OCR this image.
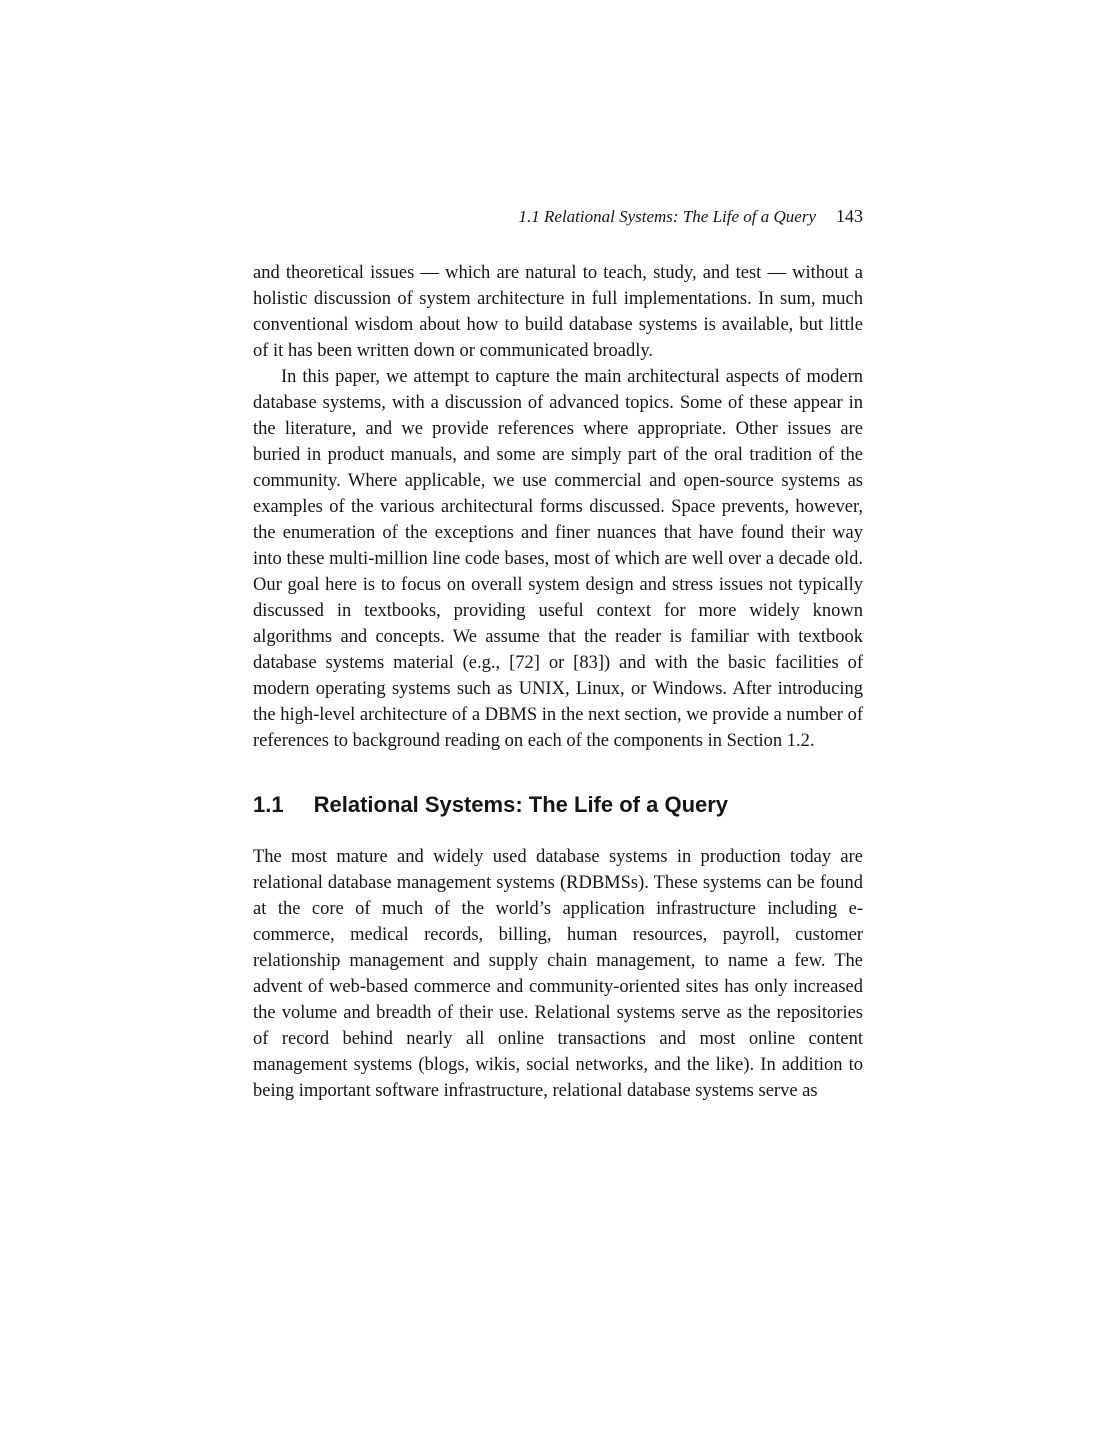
1.1 Relational Systems: The Life of a Query 143

and theoretical issues — which are natural to teach, study, and test — without a holistic discussion of system architecture in full implementations. In sum, much conventional wisdom about how to build database systems is available, but little of it has been written down or communicated broadly.

In this paper, we attempt to capture the main architectural aspects of modern database systems, with a discussion of advanced topics. Some of these appear in the literature, and we provide references where appropriate. Other issues are buried in product manuals, and some are simply part of the oral tradition of the community. Where applicable, we use commercial and open-source systems as examples of the various architectural forms discussed. Space prevents, however, the enumeration of the exceptions and finer nuances that have found their way into these multi-million line code bases, most of which are well over a decade old. Our goal here is to focus on overall system design and stress issues not typically discussed in textbooks, providing useful context for more widely known algorithms and concepts. We assume that the reader is familiar with textbook database systems material (e.g., [72] or [83]) and with the basic facilities of modern operating systems such as UNIX, Linux, or Windows. After introducing the high-level architecture of a DBMS in the next section, we provide a number of references to background reading on each of the components in Section 1.2.

1.1 Relational Systems: The Life of a Query

The most mature and widely used database systems in production today are relational database management systems (RDBMSs). These systems can be found at the core of much of the world’s application infrastructure including e-commerce, medical records, billing, human resources, payroll, customer relationship management and supply chain management, to name a few. The advent of web-based commerce and community-oriented sites has only increased the volume and breadth of their use. Relational systems serve as the repositories of record behind nearly all online transactions and most online content management systems (blogs, wikis, social networks, and the like). In addition to being important software infrastructure, relational database systems serve as
